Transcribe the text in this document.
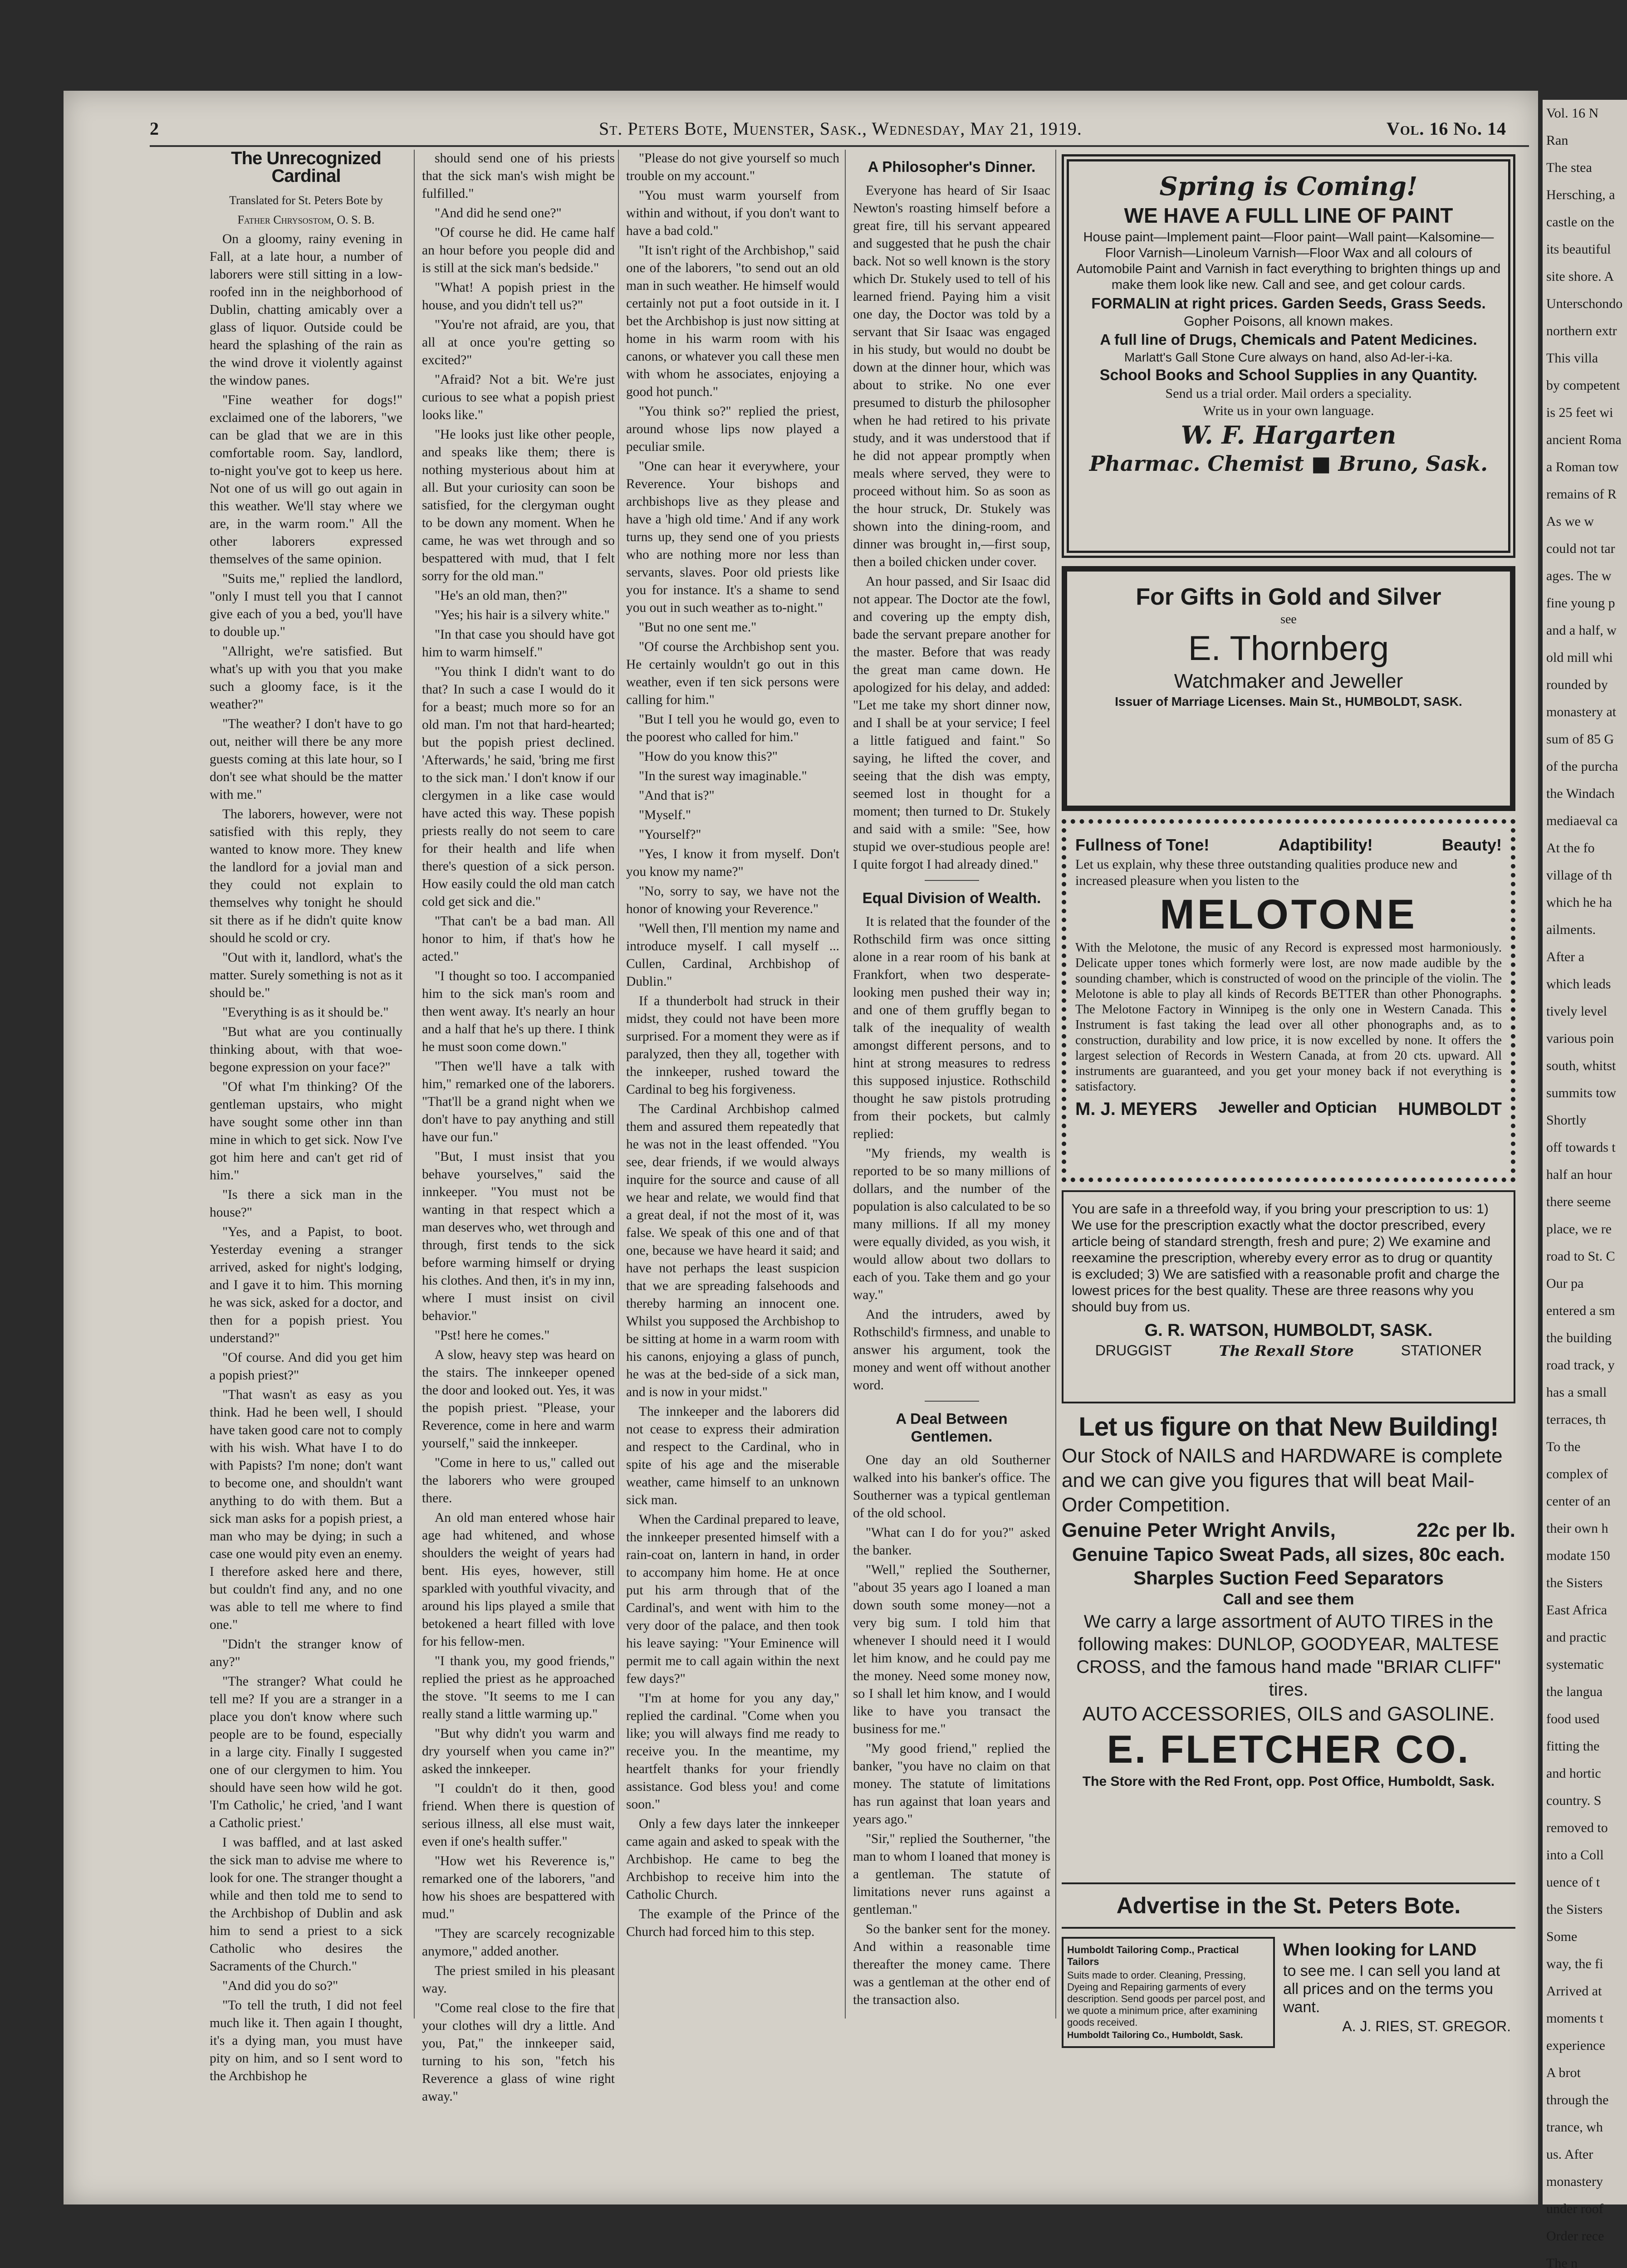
Vol. 16 N
Ran
The stea
Hersching, a
castle on the
its beautiful
site shore. A
Unterschondo
northern extr
This villa
by competent
is 25 feet wi
ancient Roma
a Roman tow
remains of R
As we w
could not tar
ages. The w
fine young p
and a half, w
old mill whi
rounded by
monastery at
sum of 85 G
of the purcha
the Windach
mediaeval ca
At the fo
village of th
which he ha
ailments.
After a
which leads
tively level
various poin
south, whitst
summits tow
Shortly
off towards t
half an hour
there seeme
place, we re
road to St. C
Our pa
entered a sm
the building
road track, y
has a small
terraces, th
To the
complex of
center of an
their own h
modate 150
the Sisters
East Africa
and practic
systematic
the langua
food used
fitting the
and hortic
country. S
removed to
into a Coll
uence of t
the Sisters
Some
way, the fi
Arrived at
moments t
experience
A brot
through the
trance, wh
us. After
monastery
under roof
Order rece
The n
2	St. Peters Bote, Muenster, Sask., Wednesday, May 21, 1919.	Vol. 16 No. 14
The Unrecognized Cardinal

Translated for St. Peters Bote by

Father Chrysostom, O. S. B.

On a gloomy, rainy evening in Fall, at a late hour, a number of laborers were still sitting in a low-roofed inn in the neighborhood of Dublin, chatting amicably over a glass of liquor. Outside could be heard the splashing of the rain as the wind drove it violently against the window panes.

"Fine weather for dogs!" exclaimed one of the laborers, "we can be glad that we are in this comfortable room. Say, landlord, to-night you've got to keep us here. Not one of us will go out again in this weather. We'll stay where we are, in the warm room." All the other laborers expressed themselves of the same opinion.

"Suits me," replied the landlord, "only I must tell you that I cannot give each of you a bed, you'll have to double up."

"Allright, we're satisfied. But what's up with you that you make such a gloomy face, is it the weather?"

"The weather? I don't have to go out, neither will there be any more guests coming at this late hour, so I don't see what should be the matter with me."

The laborers, however, were not satisfied with this reply, they wanted to know more. They knew the landlord for a jovial man and they could not explain to themselves why tonight he should sit there as if he didn't quite know should he scold or cry.

"Out with it, landlord, what's the matter. Surely something is not as it should be."

"Everything is as it should be."

"But what are you continually thinking about, with that woe-begone expression on your face?"

"Of what I'm thinking? Of the gentleman upstairs, who might have sought some other inn than mine in which to get sick. Now I've got him here and can't get rid of him."

"Is there a sick man in the house?"

"Yes, and a Papist, to boot. Yesterday evening a stranger arrived, asked for night's lodging, and I gave it to him. This morning he was sick, asked for a doctor, and then for a popish priest. You understand?"

"Of course. And did you get him a popish priest?"

"That wasn't as easy as you think. Had he been well, I should have taken good care not to comply with his wish. What have I to do with Papists? I'm none; don't want to become one, and shouldn't want anything to do with them. But a sick man asks for a popish priest, a man who may be dying; in such a case one would pity even an enemy. I therefore asked here and there, but couldn't find any, and no one was able to tell me where to find one."

"Didn't the stranger know of any?"

"The stranger? What could he tell me? If you are a stranger in a place you don't know where such people are to be found, especially in a large city. Finally I suggested one of our clergymen to him. You should have seen how wild he got. 'I'm Catholic,' he cried, 'and I want a Catholic priest.'

I was baffled, and at last asked the sick man to advise me where to look for one. The stranger thought a while and then told me to send to the Archbishop of Dublin and ask him to send a priest to a sick Catholic who desires the Sacraments of the Church."

"And did you do so?"

"To tell the truth, I did not feel much like it. Then again I thought, it's a dying man, you must have pity on him, and so I sent word to the Archbishop he

should send one of his priests that the sick man's wish might be fulfilled."

"And did he send one?"

"Of course he did. He came half an hour before you people did and is still at the sick man's bedside."

"What! A popish priest in the house, and you didn't tell us?"

"You're not afraid, are you, that all at once you're getting so excited?"

"Afraid? Not a bit. We're just curious to see what a popish priest looks like."

"He looks just like other people, and speaks like them; there is nothing mysterious about him at all. But your curiosity can soon be satisfied, for the clergyman ought to be down any moment. When he came, he was wet through and so bespattered with mud, that I felt sorry for the old man."

"He's an old man, then?"

"Yes; his hair is a silvery white."

"In that case you should have got him to warm himself."

"You think I didn't want to do that? In such a case I would do it for a beast; much more so for an old man. I'm not that hard-hearted; but the popish priest declined. 'Afterwards,' he said, 'bring me first to the sick man.' I don't know if our clergymen in a like case would have acted this way. These popish priests really do not seem to care for their health and life when there's question of a sick person. How easily could the old man catch cold get sick and die."

"That can't be a bad man. All honor to him, if that's how he acted."

"I thought so too. I accompanied him to the sick man's room and then went away. It's nearly an hour and a half that he's up there. I think he must soon come down."

"Then we'll have a talk with him," remarked one of the laborers. "That'll be a grand night when we don't have to pay anything and still have our fun."

"But, I must insist that you behave yourselves," said the innkeeper. "You must not be wanting in that respect which a man deserves who, wet through and through, first tends to the sick before warming himself or drying his clothes. And then, it's in my inn, where I must insist on civil behavior."

"Pst! here he comes."

A slow, heavy step was heard on the stairs. The innkeeper opened the door and looked out. Yes, it was the popish priest. "Please, your Reverence, come in here and warm yourself," said the innkeeper.

"Come in here to us," called out the laborers who were grouped there.

An old man entered whose hair age had whitened, and whose shoulders the weight of years had bent. His eyes, however, still sparkled with youthful vivacity, and around his lips played a smile that betokened a heart filled with love for his fellow-men.

"I thank you, my good friends," replied the priest as he approached the stove. "It seems to me I can really stand a little warming up."

"But why didn't you warm and dry yourself when you came in?" asked the innkeeper.

"I couldn't do it then, good friend. When there is question of serious illness, all else must wait, even if one's health suffer."

"How wet his Reverence is," remarked one of the laborers, "and how his shoes are bespattered with mud."

"They are scarcely recognizable anymore," added another.

The priest smiled in his pleasant way.

"Come real close to the fire that your clothes will dry a little. And you, Pat," the innkeeper said, turning to his son, "fetch his Reverence a glass of wine right away."

"Please do not give yourself so much trouble on my account."

"You must warm yourself from within and without, if you don't want to have a bad cold."

"It isn't right of the Archbishop," said one of the laborers, "to send out an old man in such weather. He himself would certainly not put a foot outside in it. I bet the Archbishop is just now sitting at home in his warm room with his canons, or whatever you call these men with whom he associates, enjoying a good hot punch."

"You think so?" replied the priest, around whose lips now played a peculiar smile.

"One can hear it everywhere, your Reverence. Your bishops and archbishops live as they please and have a 'high old time.' And if any work turns up, they send one of you priests who are nothing more nor less than servants, slaves. Poor old priests like you for instance. It's a shame to send you out in such weather as to-night."

"But no one sent me."

"Of course the Archbishop sent you. He certainly wouldn't go out in this weather, even if ten sick persons were calling for him."

"But I tell you he would go, even to the poorest who called for him."

"How do you know this?"

"In the surest way imaginable."

"And that is?"

"Myself."

"Yourself?"

"Yes, I know it from myself. Don't you know my name?"

"No, sorry to say, we have not the honor of knowing your Reverence."

"Well then, I'll mention my name and introduce myself. I call myself ... Cullen, Cardinal, Archbishop of Dublin."

If a thunderbolt had struck in their midst, they could not have been more surprised. For a moment they were as if paralyzed, then they all, together with the innkeeper, rushed toward the Cardinal to beg his forgiveness.

The Cardinal Archbishop calmed them and assured them repeatedly that he was not in the least offended. "You see, dear friends, if we would always inquire for the source and cause of all we hear and relate, we would find that a great deal, if not the most of it, was false. We speak of this one and of that one, because we have heard it said; and have not perhaps the least suspicion that we are spreading falsehoods and thereby harming an innocent one. Whilst you supposed the Archbishop to be sitting at home in a warm room with his canons, enjoying a glass of punch, he was at the bed-side of a sick man, and is now in your midst."

The innkeeper and the laborers did not cease to express their admiration and respect to the Cardinal, who in spite of his age and the miserable weather, came himself to an unknown sick man.

When the Cardinal prepared to leave, the innkeeper presented himself with a rain-coat on, lantern in hand, in order to accompany him home. He at once put his arm through that of the Cardinal's, and went with him to the very door of the palace, and then took his leave saying: "Your Eminence will permit me to call again within the next few days?"

"I'm at home for you any day," replied the cardinal. "Come when you like; you will always find me ready to receive you. In the meantime, my heartfelt thanks for your friendly assistance. God bless you! and come soon."

Only a few days later the innkeeper came again and asked to speak with the Archbishop. He came to beg the Archbishop to receive him into the Catholic Church.

The example of the Prince of the Church had forced him to this step.

A Philosopher's Dinner.

Everyone has heard of Sir Isaac Newton's roasting himself before a great fire, till his servant appeared and suggested that he push the chair back. Not so well known is the story which Dr. Stukely used to tell of his learned friend. Paying him a visit one day, the Doctor was told by a servant that Sir Isaac was engaged in his study, but would no doubt be down at the dinner hour, which was about to strike. No one ever presumed to disturb the philosopher when he had retired to his private study, and it was understood that if he did not appear promptly when meals where served, they were to proceed without him. So as soon as the hour struck, Dr. Stukely was shown into the dining-room, and dinner was brought in,—first soup, then a boiled chicken under cover.

An hour passed, and Sir Isaac did not appear. The Doctor ate the fowl, and covering up the empty dish, bade the servant prepare another for the master. Before that was ready the great man came down. He apologized for his delay, and added: "Let me take my short dinner now, and I shall be at your service; I feel a little fatigued and faint." So saying, he lifted the cover, and seeing that the dish was empty, seemed lost in thought for a moment; then turned to Dr. Stukely and said with a smile: "See, how stupid we over-studious people are! I quite forgot I had already dined."

Equal Division of Wealth.

It is related that the founder of the Rothschild firm was once sitting alone in a rear room of his bank at Frankfort, when two desperate-looking men pushed their way in; and one of them gruffly began to talk of the inequality of wealth amongst different persons, and to hint at strong measures to redress this supposed injustice. Rothschild thought he saw pistols protruding from their pockets, but calmly replied:

"My friends, my wealth is reported to be so many millions of dollars, and the number of the population is also calculated to be so many millions. If all my money were equally divided, as you wish, it would allow about two dollars to each of you. Take them and go your way."

And the intruders, awed by Rothschild's firmness, and unable to answer his argument, took the money and went off without another word.

A Deal Between Gentlemen.

One day an old Southerner walked into his banker's office. The Southerner was a typical gentleman of the old school.

"What can I do for you?" asked the banker.

"Well," replied the Southerner, "about 35 years ago I loaned a man down south some money—not a very big sum. I told him that whenever I should need it I would let him know, and he could pay me the money. Need some money now, so I shall let him know, and I would like to have you transact the business for me."

"My good friend," replied the banker, "you have no claim on that money. The statute of limitations has run against that loan years and years ago."

"Sir," replied the Southerner, "the man to whom I loaned that money is a gentleman. The statute of limitations never runs against a gentleman."

So the banker sent for the money. And within a reasonable time thereafter the money came. There was a gentleman at the other end of the transaction also.

Spring is Coming!

WE HAVE A FULL LINE OF PAINT

House paint—Implement paint—Floor paint—Wall paint—Kalsomine—Floor Varnish—Linoleum Varnish—Floor Wax and all colours of Automobile Paint and Varnish in fact everything to brighten things up and make them look like new. Call and see, and get colour cards.

FORMALIN at right prices. Garden Seeds, Grass Seeds.

Gopher Poisons, all known makes.

A full line of Drugs, Chemicals and Patent Medicines.

Marlatt's Gall Stone Cure always on hand, also Ad-ler-i-ka.

School Books and School Supplies in any Quantity.

Send us a trial order. Mail orders a speciality.

Write us in your own language.

W. F. Hargarten

Pharmac. Chemist ■ Bruno, Sask.

For Gifts in Gold and Silver

see

E. Thornberg

Watchmaker and Jeweller

Issuer of Marriage Licenses. Main St., HUMBOLDT, SASK.

Fullness of Tone!	Adaptibility!	Beauty!

Let us explain, why these three outstanding qualities produce new and increased pleasure when you listen to the

MELOTONE

With the Melotone, the music of any Record is expressed most harmoniously. Delicate upper tones which formerly were lost, are now made audible by the sounding chamber, which is constructed of wood on the principle of the violin. The Melotone is able to play all kinds of Records BETTER than other Phonographs. The Melotone Factory in Winnipeg is the only one in Western Canada. This Instrument is fast taking the lead over all other phonographs and, as to construction, durability and low price, it is now excelled by none. It offers the largest selection of Records in Western Canada, at from 20 cts. upward. All instruments are guaranteed, and you get your money back if not everything is satisfactory.

M. J. MEYERS Jeweller and Optician HUMBOLDT

You are safe in a threefold way, if you bring your prescription to us: 1) We use for the prescription exactly what the doctor prescribed, every article being of standard strength, fresh and pure; 2) We examine and reexamine the prescription, whereby every error as to drug or quantity is excluded; 3) We are satisfied with a reasonable profit and charge the lowest prices for the best quality. These are three reasons why you should buy from us.

G. R. WATSON, HUMBOLDT, SASK.

DRUGGIST	The Rexall Store	STATIONER

Let us figure on that New Building!

Our Stock of NAILS and HARDWARE is complete and we can give you figures that will beat Mail-Order Competition.

Genuine Peter Wright Anvils,	22c per lb.

Genuine Tapico Sweat Pads, all sizes, 80c each.

Sharples Suction Feed Separators

Call and see them

We carry a large assortment of AUTO TIRES in the following makes: DUNLOP, GOODYEAR, MALTESE CROSS, and the famous hand made "BRIAR CLIFF" tires.

AUTO ACCESSORIES, OILS and GASOLINE.

E. FLETCHER CO.

The Store with the Red Front, opp. Post Office, Humboldt, Sask.

Advertise in the St. Peters Bote.

Humboldt Tailoring Comp., Practical Tailors

Suits made to order. Cleaning, Pressing, Dyeing and Repairing garments of every description. Send goods per parcel post, and we quote a minimum price, after examining goods received.

Humboldt Tailoring Co., Humboldt, Sask.

When looking for LAND

to see me. I can sell you land at all prices and on the terms you want.

A. J. RIES, ST. GREGOR.
